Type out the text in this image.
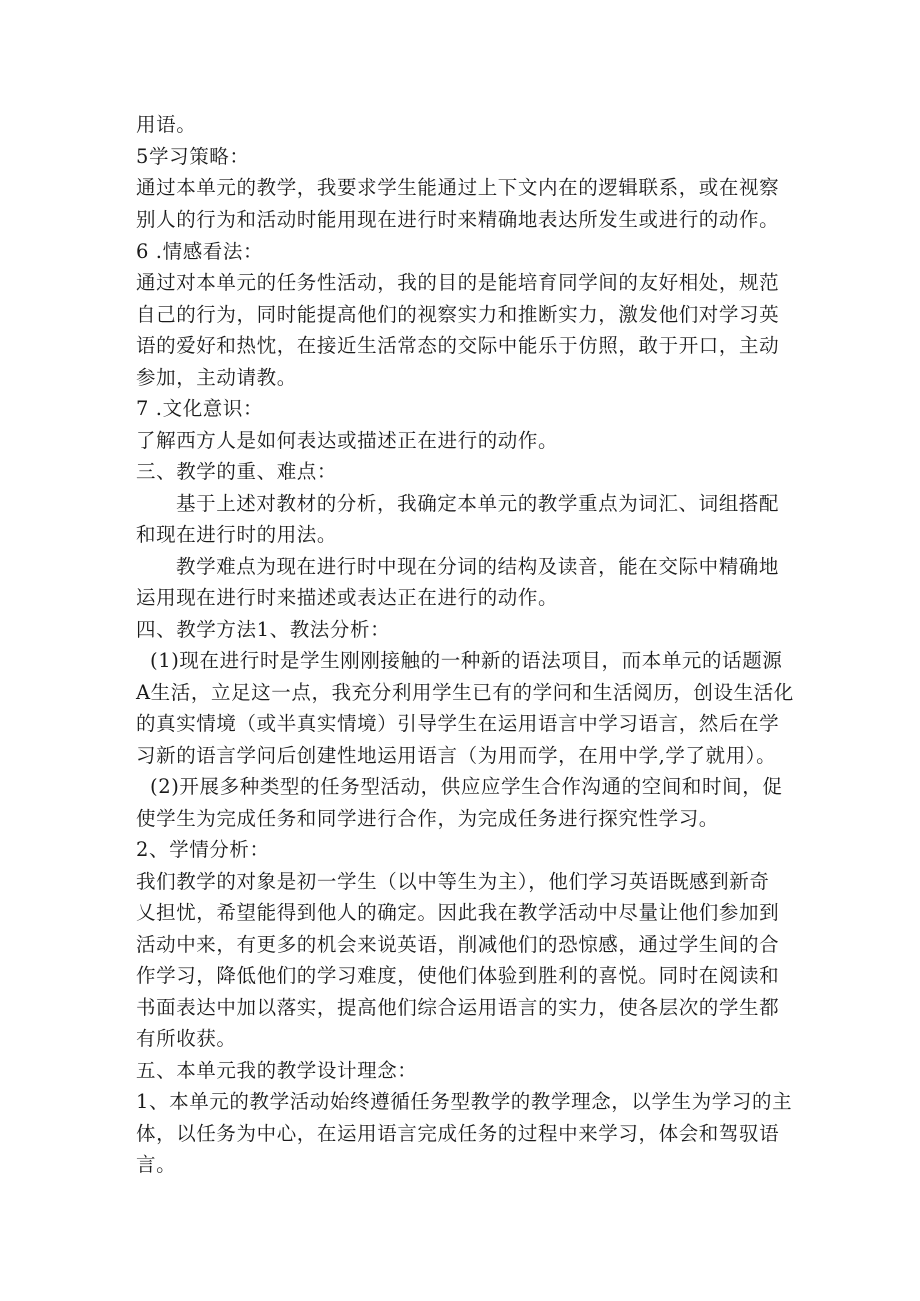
用语。
5学习策略：
通过本单元的教学，我要求学生能通过上下文内在的逻辑联系，或在视察
别人的行为和活动时能用现在进行时来精确地表达所发生或进行的动作。
6 .情感看法：
通过对本单元的任务性活动，我的目的是能培育同学间的友好相处，规范
自己的行为，同时能提高他们的视察实力和推断实力，激发他们对学习英
语的爱好和热忱，在接近生活常态的交际中能乐于仿照，敢于开口，主动
参加，主动请教。
7 .文化意识：
了解西方人是如何表达或描述正在进行的动作。
三、教学的重、难点：
基于上述对教材的分析，我确定本单元的教学重点为词汇、词组搭配
和现在进行时的用法。
教学难点为现在进行时中现在分词的结构及读音，能在交际中精确地
运用现在进行时来描述或表达正在进行的动作。
四、教学方法1、教法分析：
(1)现在进行时是学生刚刚接触的一种新的语法项目，而本单元的话题源
A生活，立足这一点，我充分利用学生已有的学问和生活阅历，创设生活化
的真实情境（或半真实情境）引导学生在运用语言中学习语言，然后在学
习新的语言学问后创建性地运用语言（为用而学，在用中学,学了就用）。
(2)开展多种类型的任务型活动，供应应学生合作沟通的空间和时间，促
使学生为完成任务和同学进行合作，为完成任务进行探究性学习。
2、学情分析：
我们教学的对象是初一学生（以中等生为主），他们学习英语既感到新奇
乂担忧，希望能得到他人的确定。因此我在教学活动中尽量让他们参加到
活动中来，有更多的机会来说英语，削减他们的恐惊感，通过学生间的合
作学习，降低他们的学习难度，使他们体验到胜利的喜悦。同时在阅读和
书面表达中加以落实，提高他们综合运用语言的实力，使各层次的学生都
有所收获。
五、本单元我的教学设计理念：
1、本单元的教学活动始终遵循任务型教学的教学理念，以学生为学习的主
体，以任务为中心，在运用语言完成任务的过程中来学习，体会和驾驭语
言。
